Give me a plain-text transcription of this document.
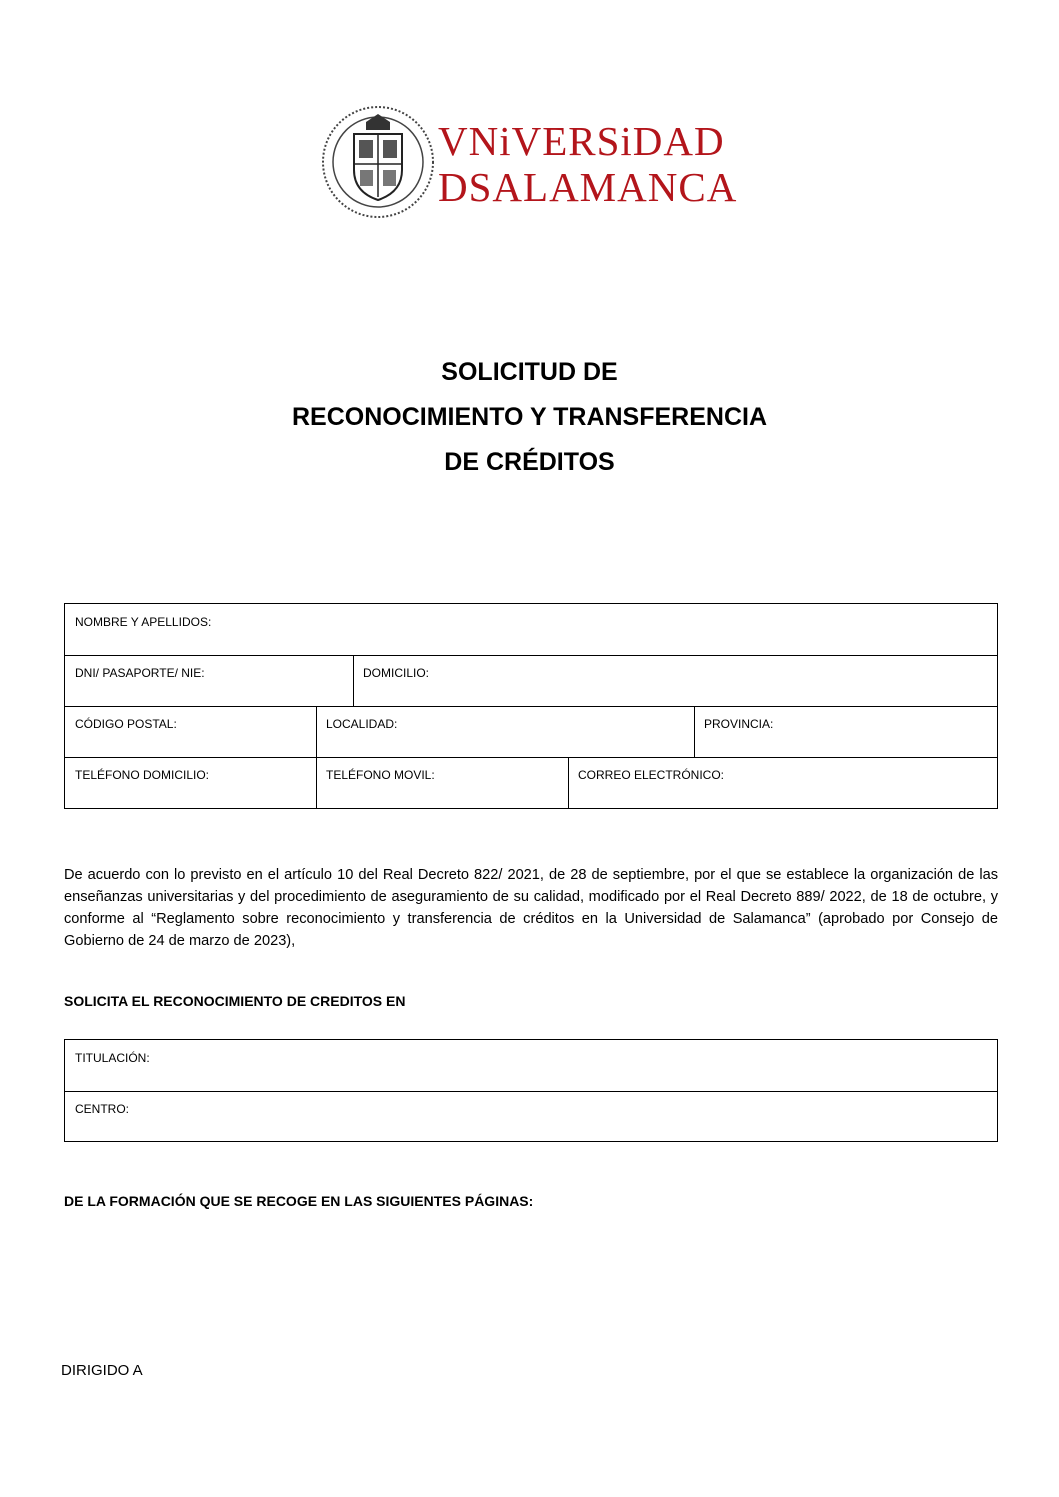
VNiVERSiDAD
DSALAMANCA
SOLICITUD DE
RECONOCIMIENTO Y TRANSFERENCIA
DE CRÉDITOS
NOMBRE Y APELLIDOS:
DNI/ PASAPORTE/ NIE:	DOMICILIO:
CÓDIGO POSTAL:	LOCALIDAD:	PROVINCIA:
TELÉFONO DOMICILIO:	TELÉFONO MOVIL:	CORREO ELECTRÓNICO:
De acuerdo con lo previsto en el artículo 10 del Real Decreto 822/ 2021, de 28 de septiembre, por el que se establece la organización de las enseñanzas universitarias y del procedimiento de aseguramiento de su calidad, modificado por el Real Decreto 889/ 2022, de 18 de octubre, y conforme al “Reglamento sobre reconocimiento y transferencia de créditos en la Universidad de Salamanca” (aprobado por Consejo de Gobierno de 24 de marzo de 2023),
SOLICITA EL RECONOCIMIENTO DE CREDITOS EN
TITULACIÓN:
CENTRO:
DE LA FORMACIÓN QUE SE RECOGE EN LAS SIGUIENTES PÁGINAS:
DIRIGIDO A
